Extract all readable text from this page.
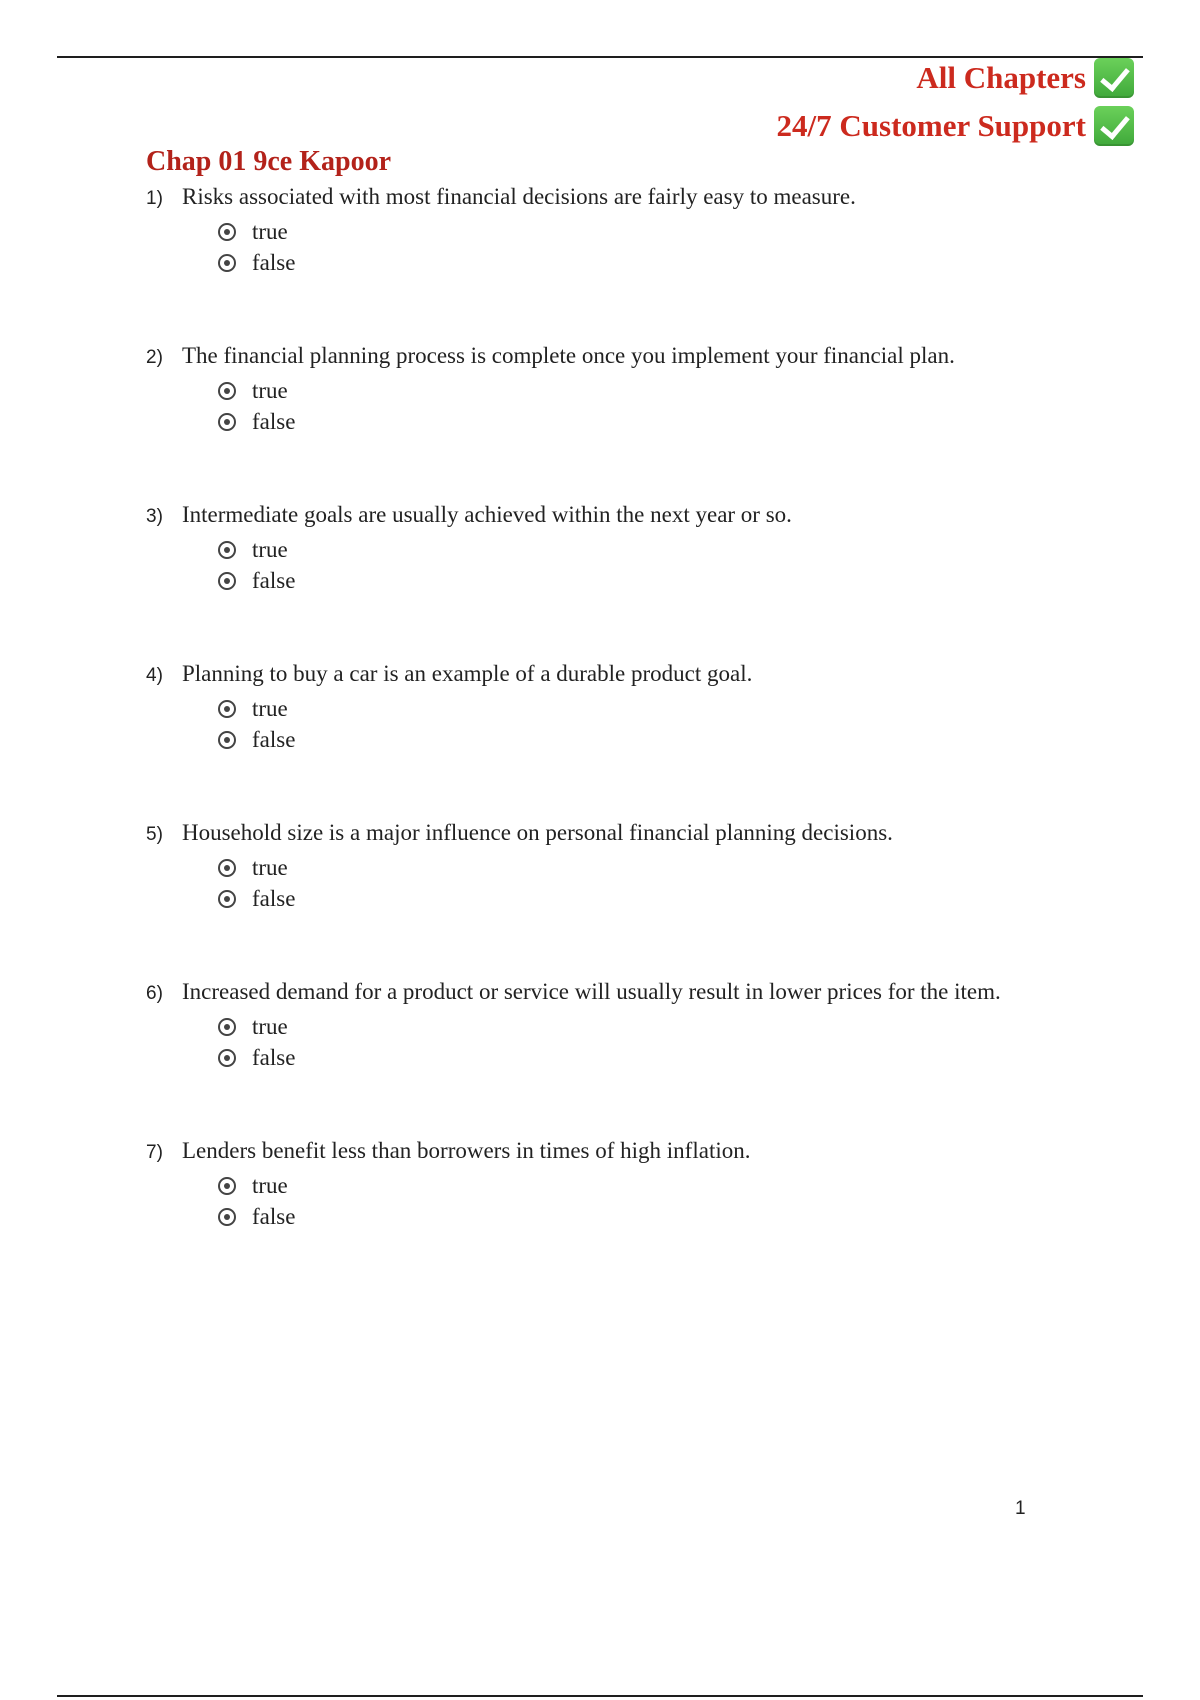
All Chapters
24/7 Customer Support
Chap 01 9ce Kapoor
1) Risks associated with most financial decisions are fairly easy to measure.
true
false
2) The financial planning process is complete once you implement your financial plan.
true
false
3) Intermediate goals are usually achieved within the next year or so.
true
false
4) Planning to buy a car is an example of a durable product goal.
true
false
5) Household size is a major influence on personal financial planning decisions.
true
false
6) Increased demand for a product or service will usually result in lower prices for the item.
true
false
7) Lenders benefit less than borrowers in times of high inflation.
true
false
1
